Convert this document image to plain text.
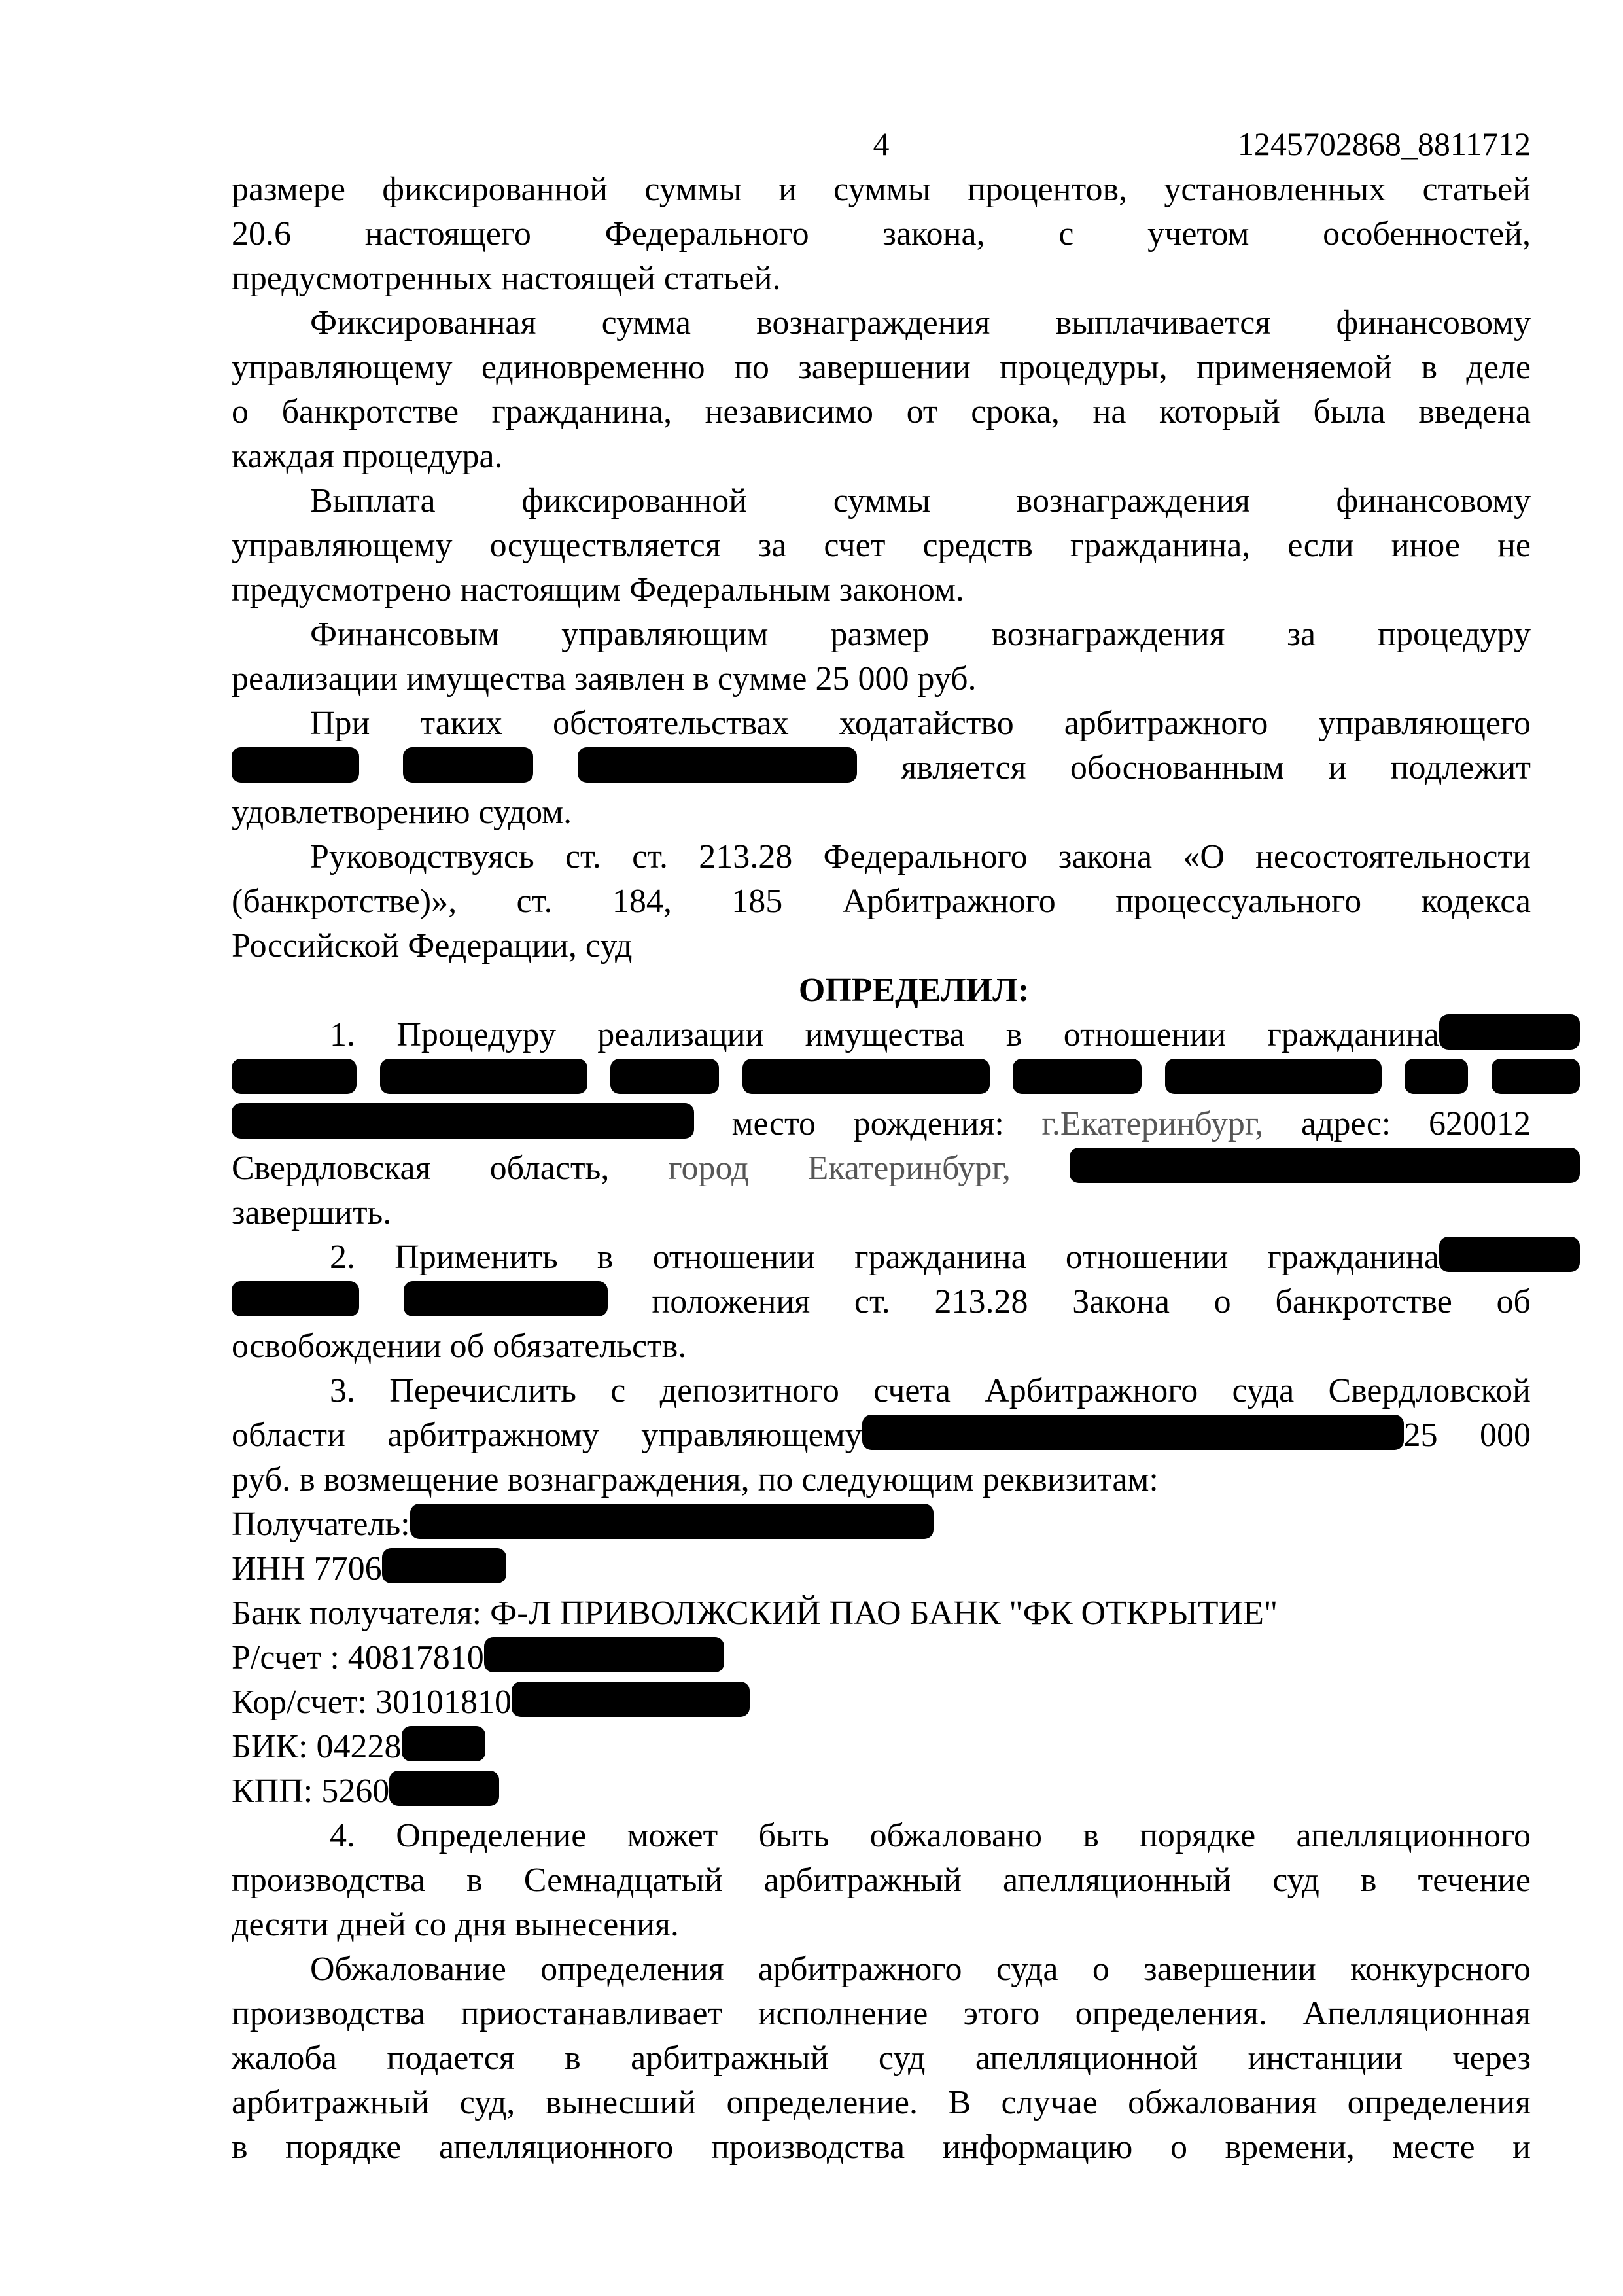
4	1245702868_8811712
размере фиксированной суммы и суммы процентов, установленных статьей
20.6 настоящего Федерального закона, с учетом особенностей,
предусмотренных настоящей статьей.
Фиксированная сумма вознаграждения выплачивается финансовому
управляющему единовременно по завершении процедуры, применяемой в деле
о банкротстве гражданина, независимо от срока, на который была введена
каждая процедура.
Выплата фиксированной суммы вознаграждения финансовому
управляющему осуществляется за счет средств гражданина, если иное не
предусмотрено настоящим Федеральным законом.
Финансовым управляющим размер вознаграждения за процедуру
реализации имущества заявлен в сумме 25 000 руб.
При таких обстоятельствах ходатайство арбитражного управляющего
является обоснованным и подлежит
удовлетворению судом.
Руководствуясь ст. ст. 213.28 Федерального закона «О несостоятельности
(банкротстве)», ст. 184, 185 Арбитражного процессуального кодекса
Российской Федерации, суд
ОПРЕДЕЛИЛ:
1. Процедуру реализации имущества в отношении гражданина

место рождения: г.Екатеринбург, адрес: 620012
Свердловская область, город Екатеринбург,
завершить.
2. Применить в отношении гражданина отношении гражданина
положения ст. 213.28 Закона о банкротстве об
освобождении об обязательств.
3. Перечислить с депозитного счета Арбитражного суда Свердловской
области арбитражному управляющему	25 000
руб. в возмещение вознаграждения, по следующим реквизитам:
Получатель:
ИНН 7706
Банк получателя: Ф-Л ПРИВОЛЖСКИЙ ПАО БАНК "ФК ОТКРЫТИЕ"
Р/счет : 40817810
Кор/счет: 30101810
БИК: 04228
КПП: 5260
4. Определение может быть обжаловано в порядке апелляционного
производства в Семнадцатый арбитражный апелляционный суд в течение
десяти дней со дня вынесения.
Обжалование определения арбитражного суда о завершении конкурсного
производства приостанавливает исполнение этого определения. Апелляционная
жалоба подается в арбитражный суд апелляционной инстанции через
арбитражный суд, вынесший определение. В случае обжалования определения
в порядке апелляционного производства информацию о времени, месте и
